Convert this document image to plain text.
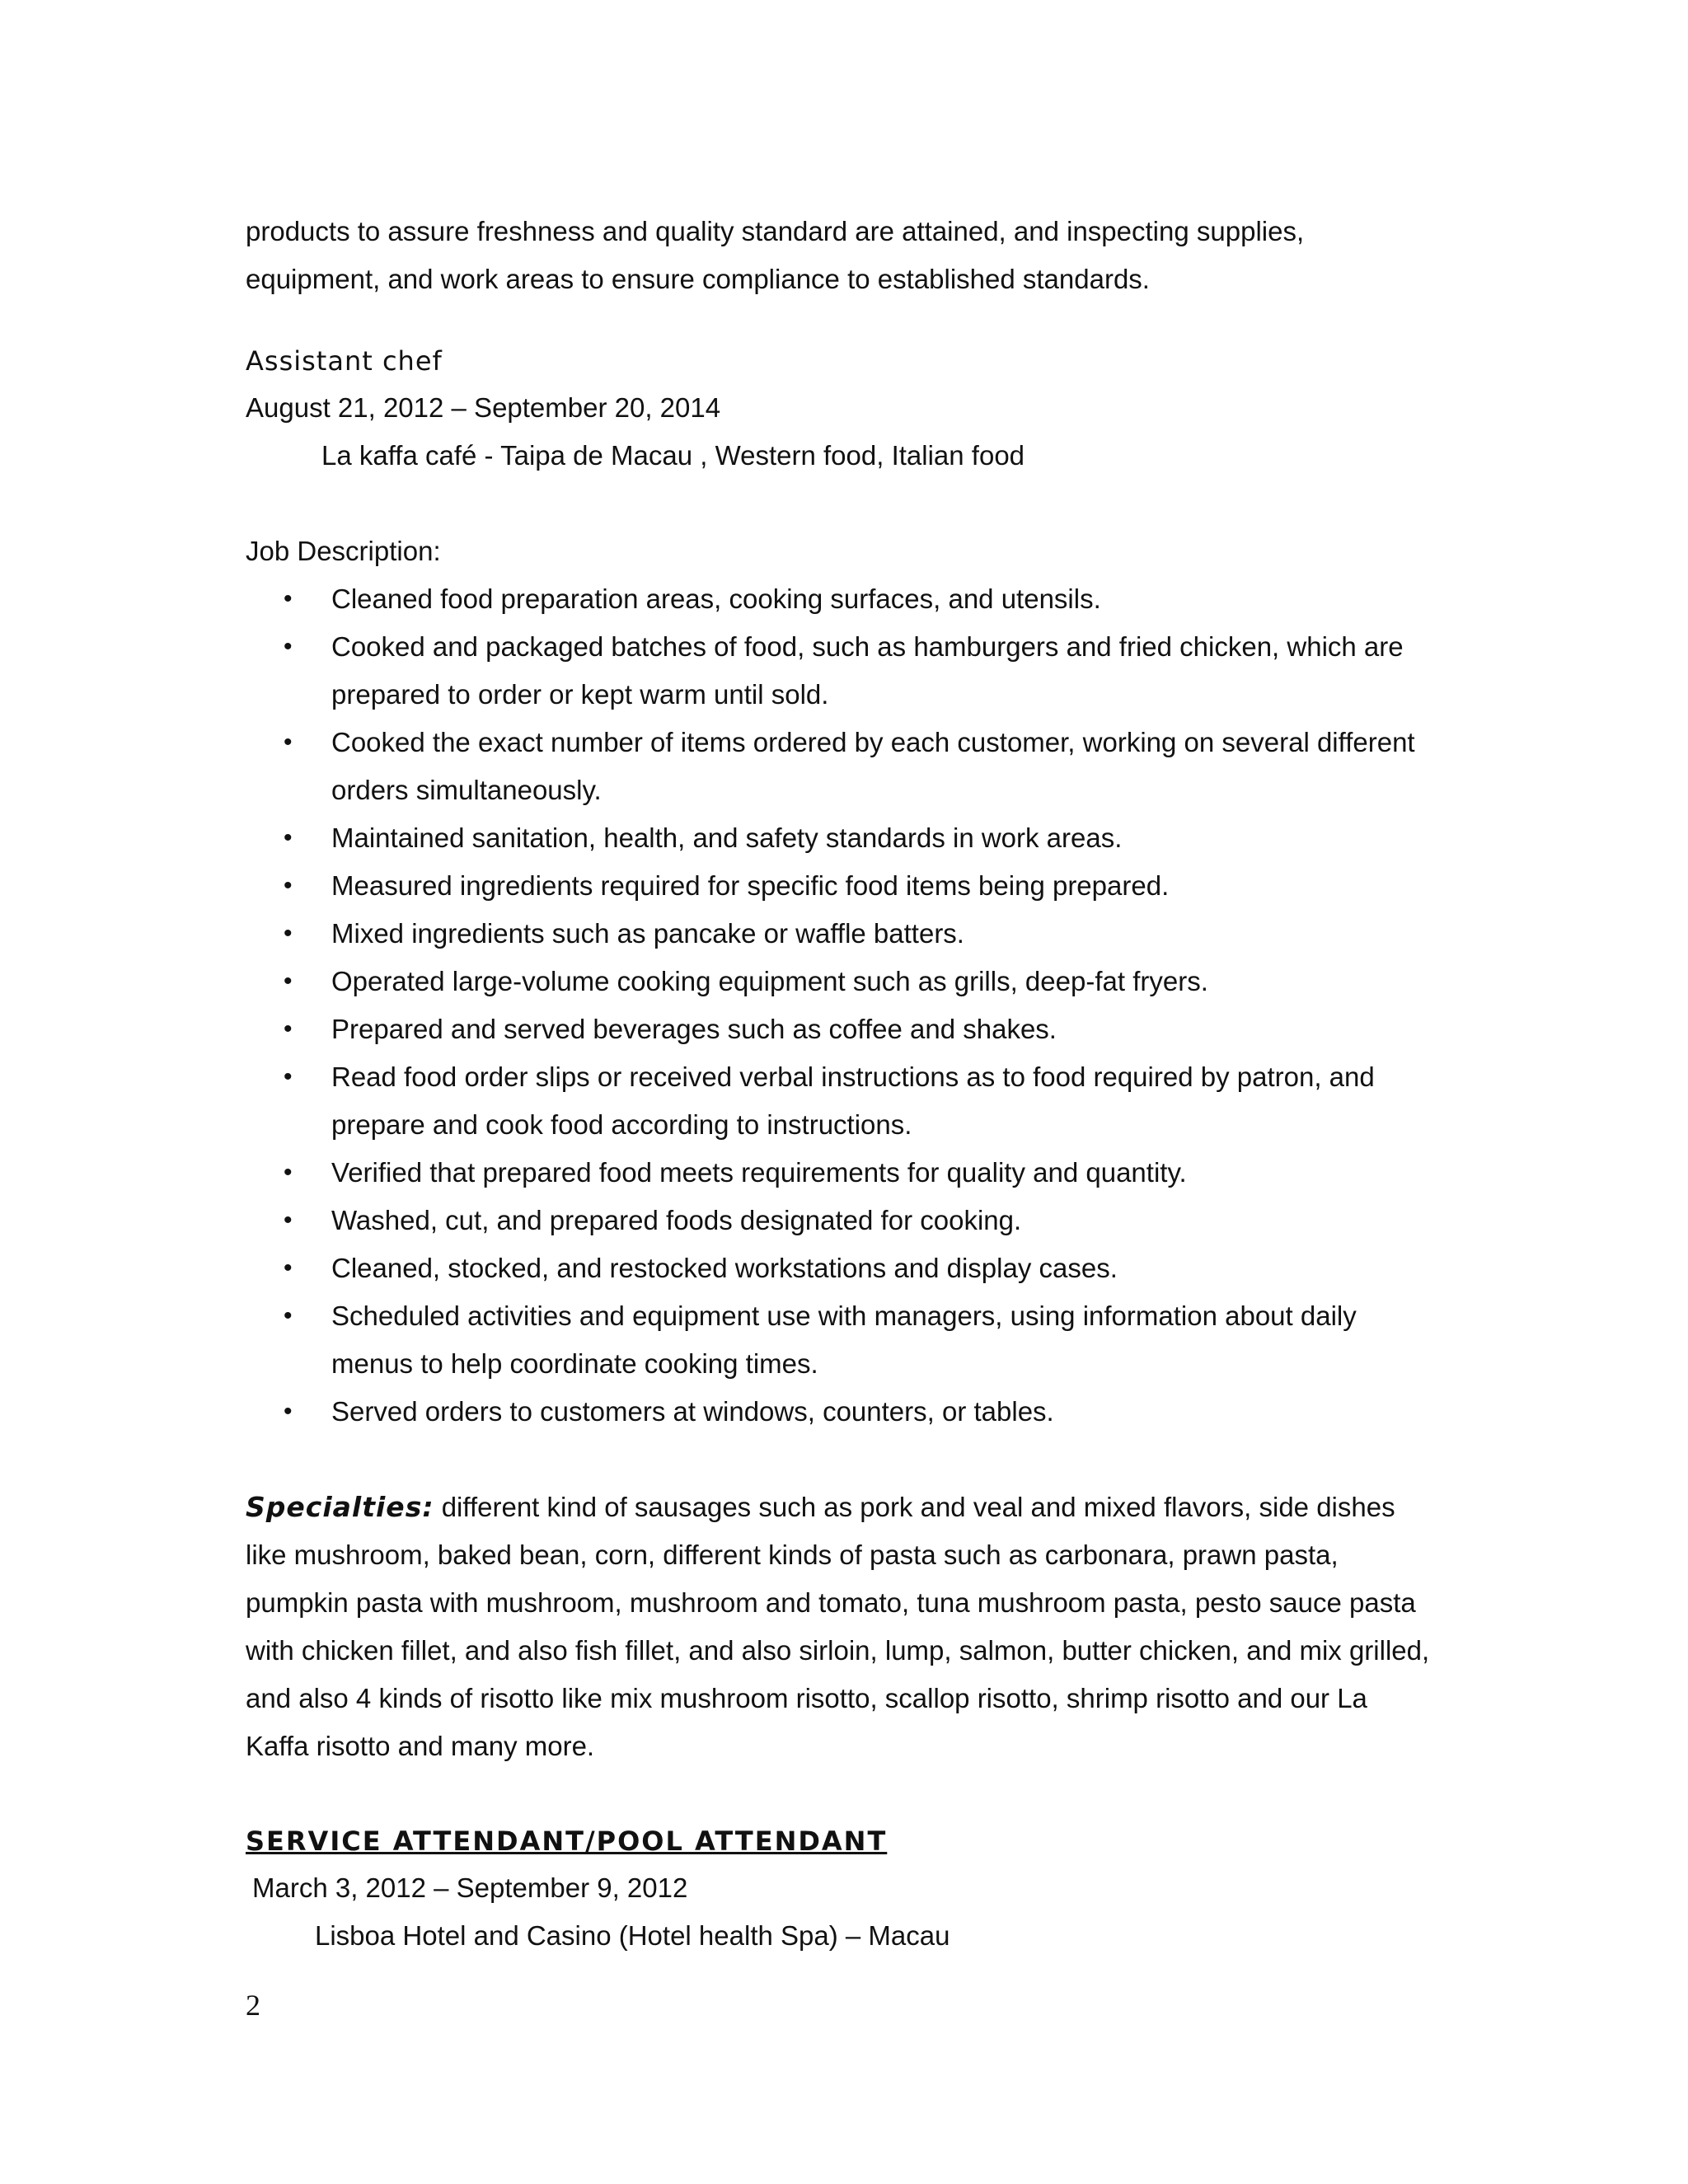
products to assure freshness and quality standard are attained, and inspecting supplies,

equipment, and work areas to ensure compliance to established standards.

Assistant chef

August 21, 2012 – September 20, 2014

La kaffa café - Taipa de Macau , Western food, Italian food

Job Description:

• Cleaned food preparation areas, cooking surfaces, and utensils.
• Cooked and packaged batches of food, such as hamburgers and fried chicken, which are prepared to order or kept warm until sold.
• Cooked the exact number of items ordered by each customer, working on several different orders simultaneously.
• Maintained sanitation, health, and safety standards in work areas.
• Measured ingredients required for specific food items being prepared.
• Mixed ingredients such as pancake or waffle batters.
• Operated large-volume cooking equipment such as grills, deep-fat fryers.
• Prepared and served beverages such as coffee and shakes.
• Read food order slips or received verbal instructions as to food required by patron, and prepare and cook food according to instructions.
• Verified that prepared food meets requirements for quality and quantity.
• Washed, cut, and prepared foods designated for cooking.
• Cleaned, stocked, and restocked workstations and display cases.
• Scheduled activities and equipment use with managers, using information about daily menus to help coordinate cooking times.
• Served orders to customers at windows, counters, or tables.

Specialties: different kind of sausages such as pork and veal and mixed flavors, side dishes like mushroom, baked bean, corn, different kinds of pasta such as carbonara, prawn pasta, pumpkin pasta with mushroom, mushroom and tomato, tuna mushroom pasta, pesto sauce pasta with chicken fillet, and also fish fillet, and also sirloin, lump, salmon, butter chicken, and mix grilled, and also 4 kinds of risotto like mix mushroom risotto, scallop risotto, shrimp risotto and our La Kaffa risotto and many more.

SERVICE ATTENDANT/POOL ATTENDANT

March 3, 2012 – September 9, 2012

Lisboa Hotel and Casino (Hotel health Spa) – Macau

2
